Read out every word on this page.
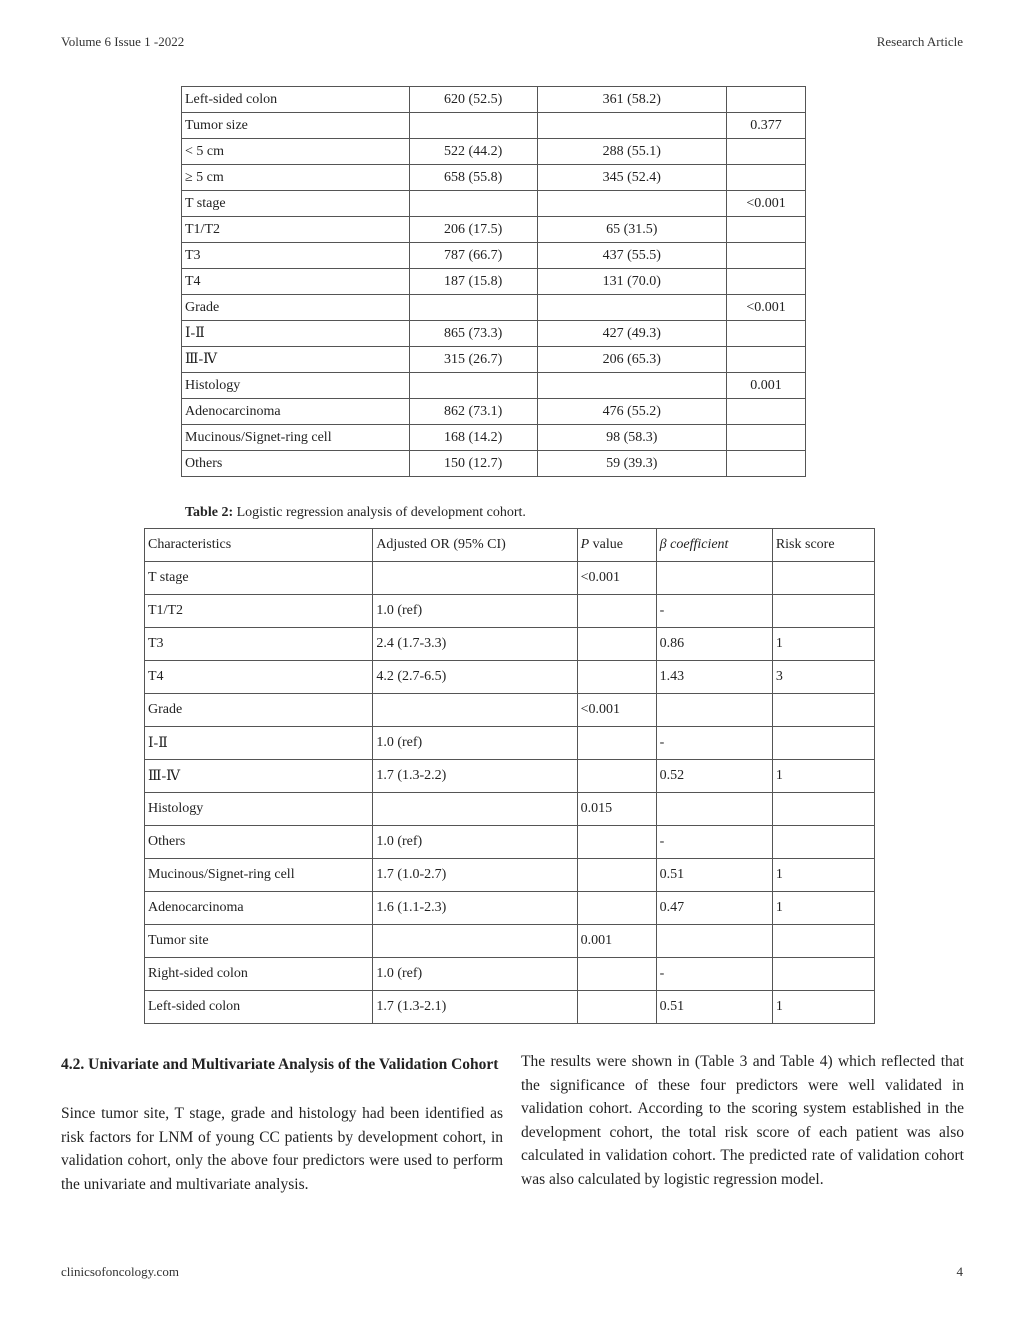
Volume 6 Issue 1 -2022	Research Article
Left-sided colon	620 (52.5)	361 (58.2)	
Tumor size			0.377
< 5 cm	522 (44.2)	288 (55.1)	
≥ 5 cm	658 (55.8)	345 (52.4)	
T stage			<0.001
T1/T2	206 (17.5)	65 (31.5)	
T3	787 (66.7)	437 (55.5)	
T4	187 (15.8)	131 (70.0)	
Grade			<0.001
Ⅰ-Ⅱ	865 (73.3)	427 (49.3)	
Ⅲ-Ⅳ	315 (26.7)	206 (65.3)	
Histology			0.001
Adenocarcinoma	862 (73.1)	476 (55.2)	
Mucinous/Signet-ring cell	168 (14.2)	98 (58.3)	
Others	150 (12.7)	59 (39.3)	
Table 2: Logistic regression analysis of development cohort.
Characteristics	Adjusted OR (95% CI)	P value	β coefficient	Risk score
T stage		<0.001		
T1/T2	1.0 (ref)		-	
T3	2.4 (1.7-3.3)		0.86	1
T4	4.2 (2.7-6.5)		1.43	3
Grade		<0.001		
Ⅰ-Ⅱ	1.0 (ref)		-	
Ⅲ-Ⅳ	1.7 (1.3-2.2)		0.52	1
Histology		0.015		
Others	1.0 (ref)		-	
Mucinous/Signet-ring cell	1.7 (1.0-2.7)		0.51	1
Adenocarcinoma	1.6 (1.1-2.3)		0.47	1
Tumor site		0.001		
Right-sided colon	1.0 (ref)		-	
Left-sided colon	1.7 (1.3-2.1)		0.51	1
4.2. Univariate and Multivariate Analysis of the Validation Cohort
Since tumor site, T stage, grade and histology had been identified as risk factors for LNM of young CC patients by development cohort, in validation cohort, only the above four predictors were used to perform the univariate and multivariate analysis.
The results were shown in (Table 3 and Table 4) which reflected that the significance of these four predictors were well validated in validation cohort. According to the scoring system established in the development cohort, the total risk score of each patient was also calculated in validation cohort. The predicted rate of validation cohort was also calculated by logistic regression model.
clinicsofoncology.com	4
